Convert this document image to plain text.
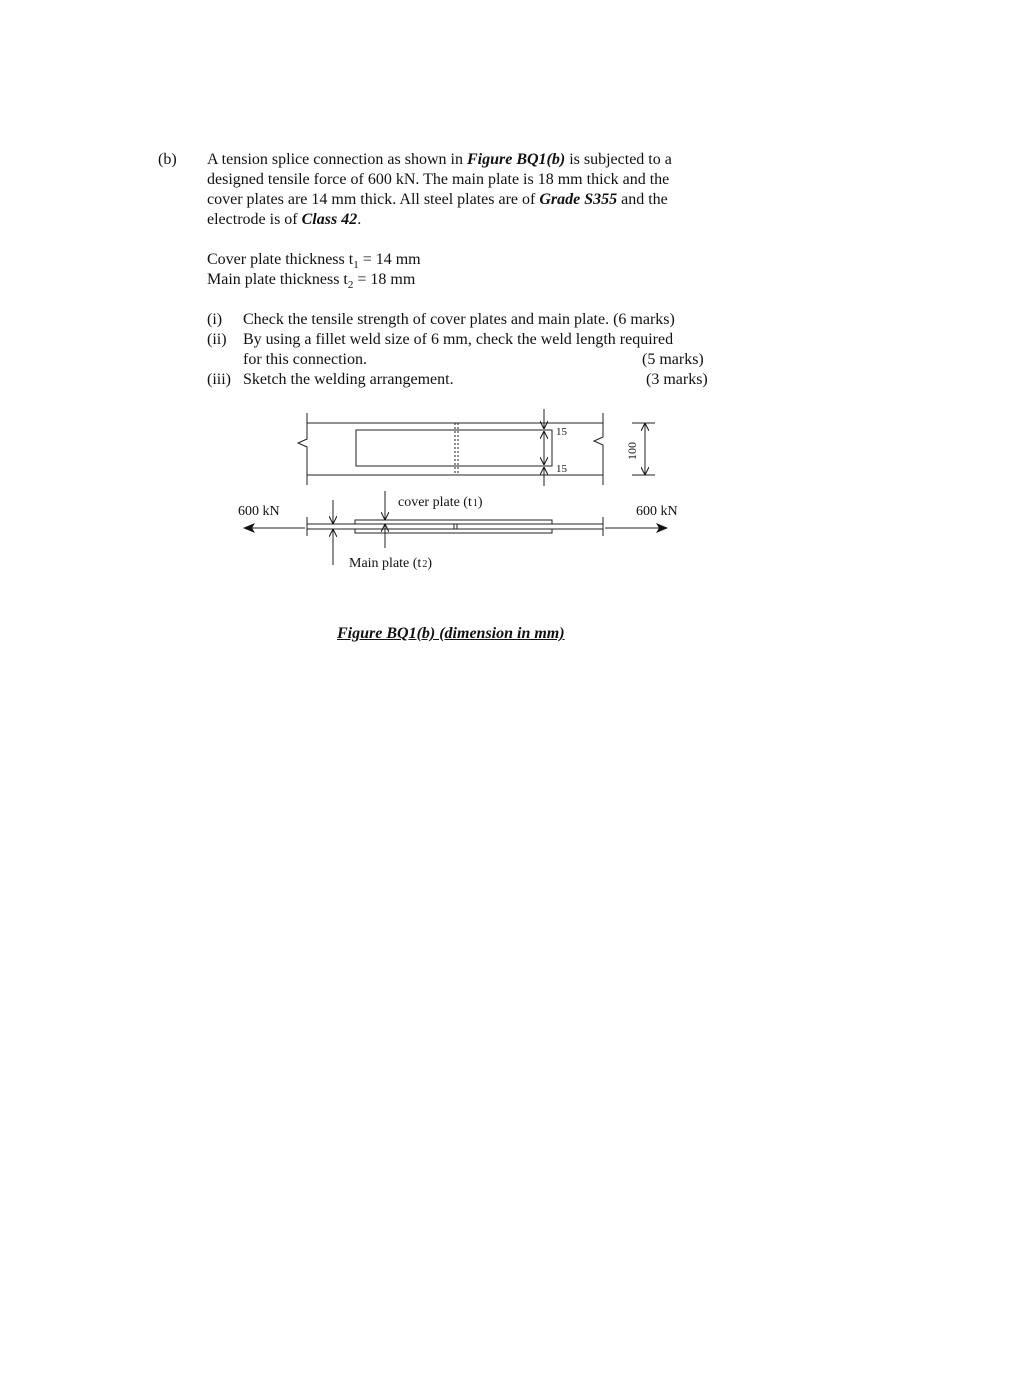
(b) A tension splice connection as shown in Figure BQ1(b) is subjected to a
designed tensile force of 600 kN. The main plate is 18 mm thick and the
cover plates are 14 mm thick. All steel plates are of Grade S355 and the
electrode is of Class 42.
Cover plate thickness $t_1 = 14$ mm
Main plate thickness $t_2 = 18$ mm
(i) Check the tensile strength of cover plates and main plate. (6 marks)
(ii) By using a fillet weld size of 6 mm, check the weld length required
for this connection.	(5 marks)
(iii) Sketch the welding arrangement.	(3 marks)
15
15
100
600 kN	600 kN
cover plate (t1)
Main plate (t2)
Figure BQ1(b) (dimension in mm)
